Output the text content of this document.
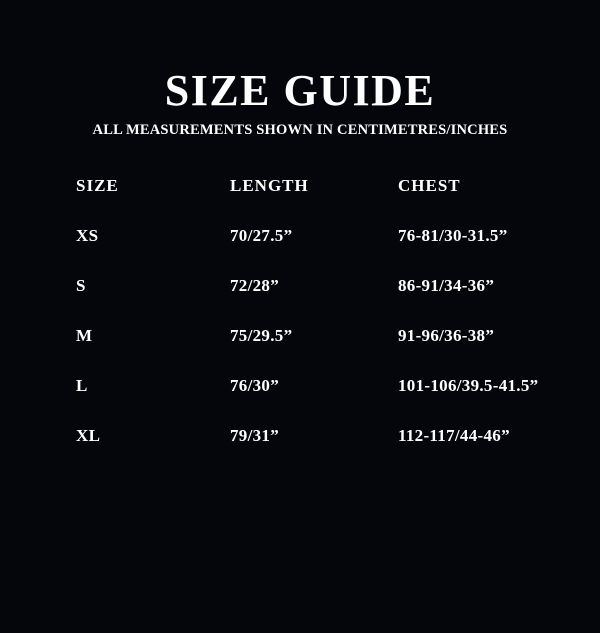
SIZE GUIDE
ALL MEASUREMENTS SHOWN IN CENTIMETRES/INCHES
SIZE	LENGTH	CHEST
XS	70/27.5”	76-81/30-31.5”
S	72/28”	86-91/34-36”
M	75/29.5”	91-96/36-38”
L	76/30”	101-106/39.5-41.5”
XL	79/31”	112-117/44-46”
